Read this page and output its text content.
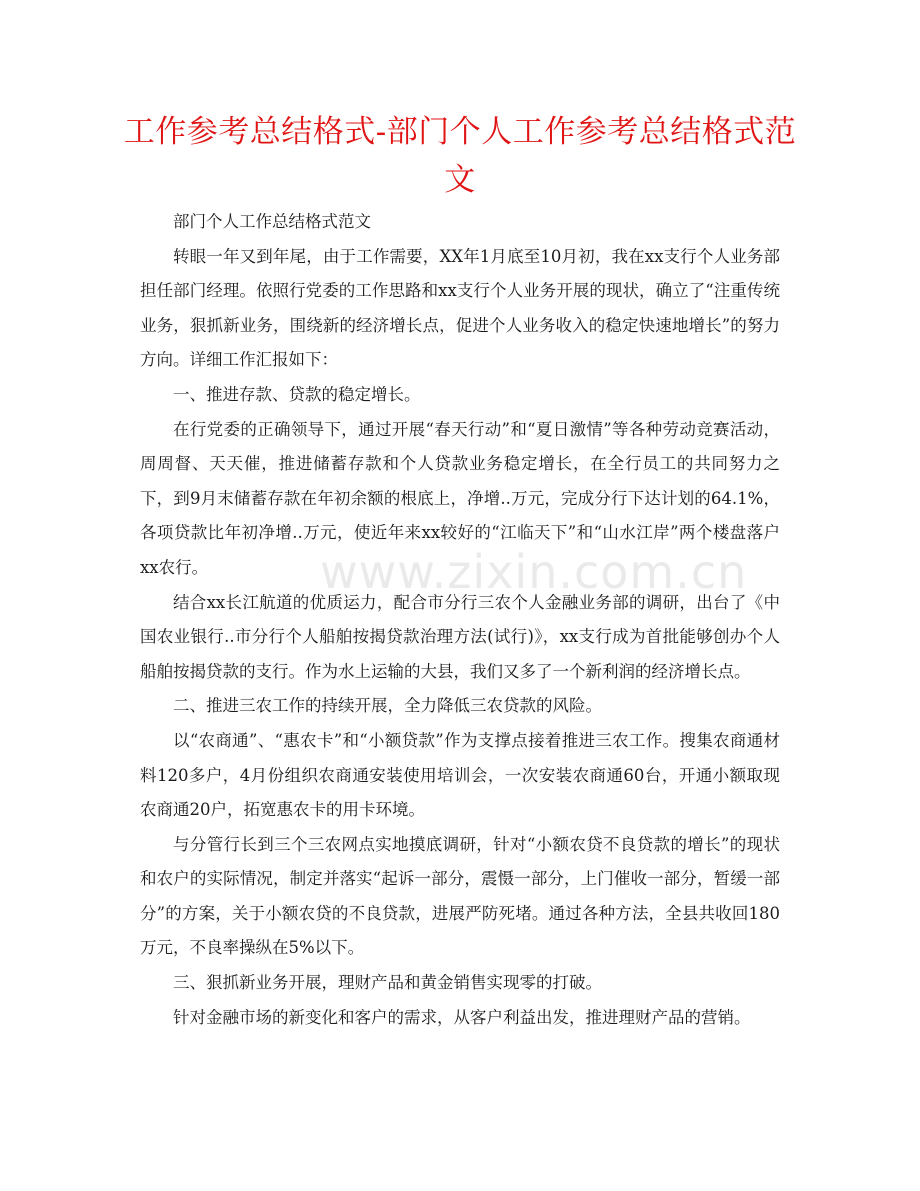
工作参考总结格式-部门个人工作参考总结格式范文

部门个人工作总结格式范文

转眼一年又到年尾，由于工作需要，XX年1月底至10月初，我在xx支行个人业务部担任部门经理。依照行党委的工作思路和xx支行个人业务开展的现状，确立了“注重传统业务，狠抓新业务，围绕新的经济增长点，促进个人业务收入的稳定快速地增长”的努力方向。详细工作汇报如下：

一、推进存款、贷款的稳定增长。

在行党委的正确领导下，通过开展“春天行动”和“夏日激情”等各种劳动竞赛活动，周周督、天天催，推进储蓄存款和个人贷款业务稳定增长，在全行员工的共同努力之下，到9月末储蓄存款在年初余额的根底上，净增..万元，完成分行下达计划的64.1%，各项贷款比年初净增..万元，使近年来xx较好的“江临天下”和“山水江岸”两个楼盘落户xx农行。

结合xx长江航道的优质运力，配合市分行三农个人金融业务部的调研，出台了《中国农业银行..市分行个人船舶按揭贷款治理方法(试行)》，xx支行成为首批能够创办个人船舶按揭贷款的支行。作为水上运输的大县，我们又多了一个新利润的经济增长点。

二、推进三农工作的持续开展，全力降低三农贷款的风险。

以“农商通”、“惠农卡”和“小额贷款”作为支撑点接着推进三农工作。搜集农商通材料120多户，4月份组织农商通安装使用培训会，一次安装农商通60台，开通小额取现农商通20户，拓宽惠农卡的用卡环境。

与分管行长到三个三农网点实地摸底调研，针对“小额农贷不良贷款的增长”的现状和农户的实际情况，制定并落实“起诉一部分，震慑一部分，上门催收一部分，暂缓一部分”的方案，关于小额农贷的不良贷款，进展严防死堵。通过各种方法，全县共收回180万元，不良率操纵在5%以下。

三、狠抓新业务开展，理财产品和黄金销售实现零的打破。

针对金融市场的新变化和客户的需求，从客户利益出发，推进理财产品的营销。

www.zixin.com.cn
